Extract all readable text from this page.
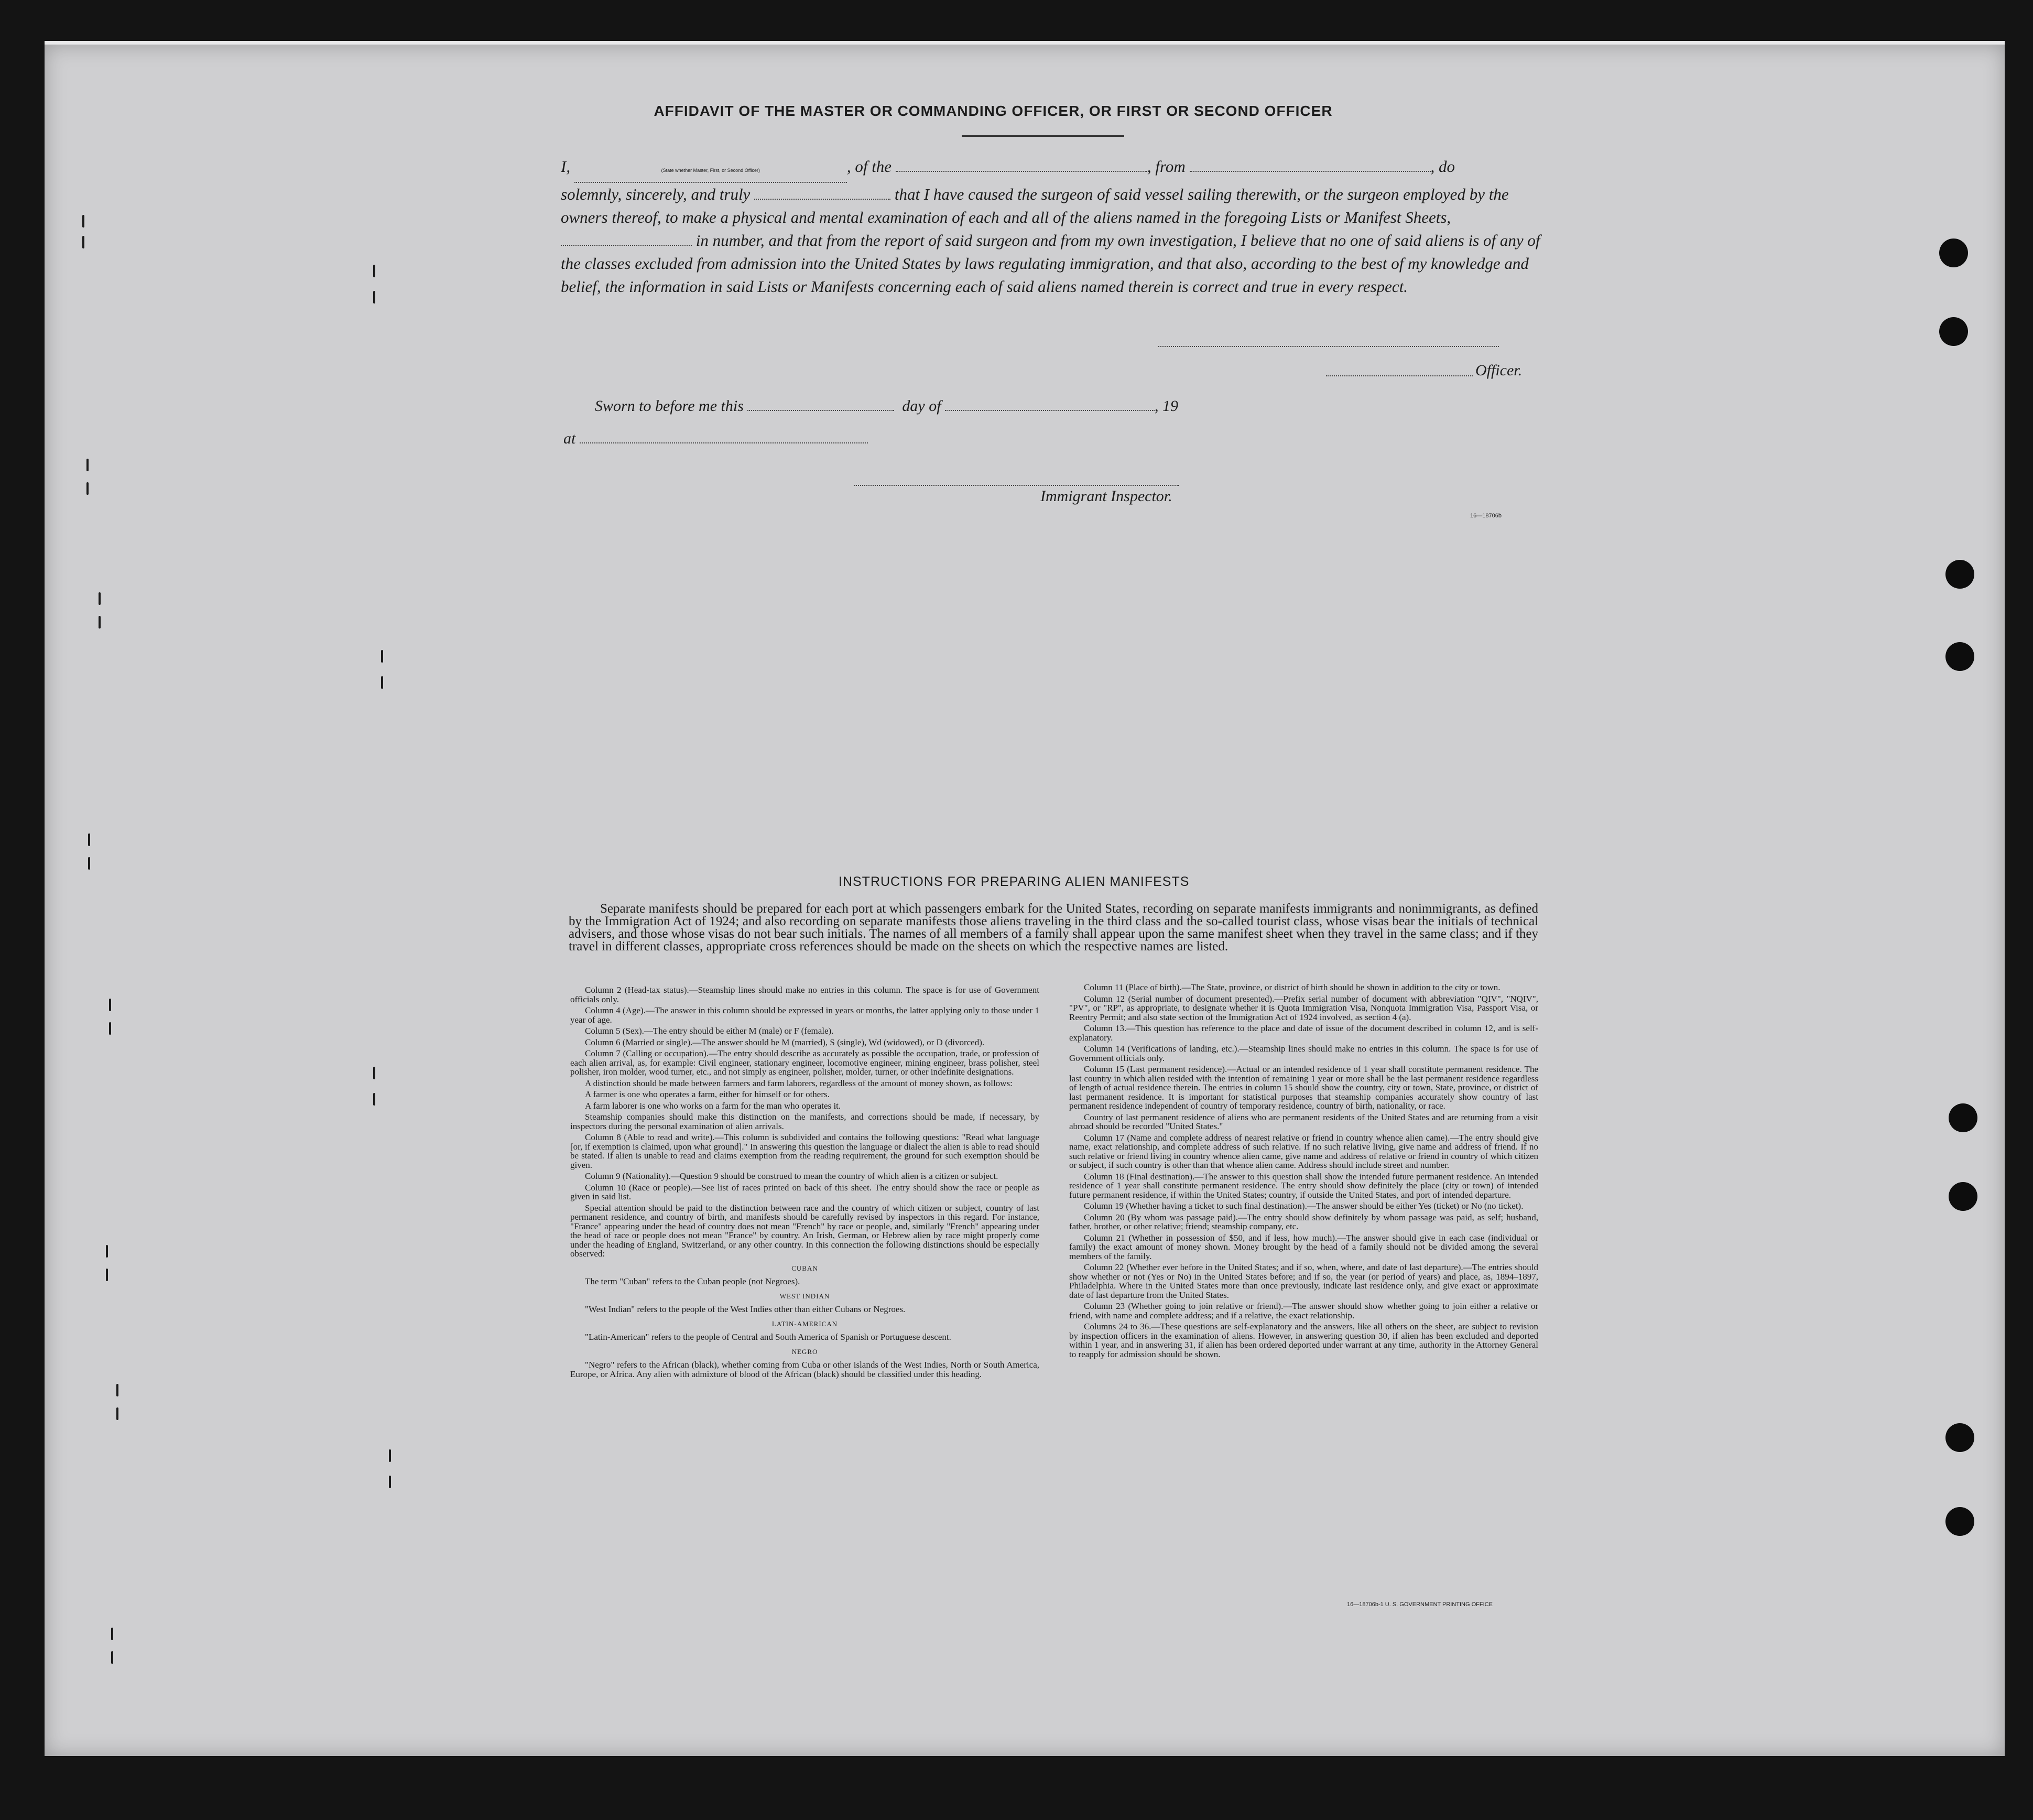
AFFIDAVIT OF THE MASTER OR COMMANDING OFFICER, OR FIRST OR SECOND OFFICER
I,	(State whether Master, First, or Second Officer)	, of the	, from	, do
solemnly, sincerely, and truly	that I have caused the surgeon of said vessel sailing therewith, or the surgeon employed by the owners thereof, to make a physical and mental examination of each and all of the aliens named in the foregoing Lists or Manifest Sheets,  in number, and that from the report of said surgeon and from my own investigation, I believe that no one of said aliens is of any of the classes excluded from admission into the United States by laws regulating immigration, and that also, according to the best of my knowledge and belief, the information in said Lists or Manifests concerning each of said aliens named therein is correct and true in every respect.
Officer.
Sworn to before me this	day of	, 19
at
Immigrant Inspector.
16—18706b
INSTRUCTIONS FOR PREPARING ALIEN MANIFESTS
Separate manifests should be prepared for each port at which passengers embark for the United States, recording on separate manifests immigrants and nonimmigrants, as defined by the Immigration Act of 1924; and also recording on separate manifests those aliens traveling in the third class and the so-called tourist class, whose visas bear the initials of technical advisers, and those whose visas do not bear such initials. The names of all members of a family shall appear upon the same manifest sheet when they travel in the same class; and if they travel in different classes, appropriate cross references should be made on the sheets on which the respective names are listed.

Column 2 (Head-tax status).—Steamship lines should make no entries in this column. The space is for use of Government officials only.

Column 4 (Age).—The answer in this column should be expressed in years or months, the latter applying only to those under 1 year of age.

Column 5 (Sex).—The entry should be either M (male) or F (female).

Column 6 (Married or single).—The answer should be M (married), S (single), Wd (widowed), or D (divorced).

Column 7 (Calling or occupation).—The entry should describe as accurately as possible the occupation, trade, or profession of each alien arrival, as, for example: Civil engineer, stationary engineer, locomotive engineer, mining engineer, brass polisher, steel polisher, iron molder, wood turner, etc., and not simply as engineer, polisher, molder, turner, or other indefinite designations.

A distinction should be made between farmers and farm laborers, regardless of the amount of money shown, as follows:

A farmer is one who operates a farm, either for himself or for others.

A farm laborer is one who works on a farm for the man who operates it.

Steamship companies should make this distinction on the manifests, and corrections should be made, if necessary, by inspectors during the personal examination of alien arrivals.

Column 8 (Able to read and write).—This column is subdivided and contains the following questions: "Read what language [or, if exemption is claimed, upon what ground]." In answering this question the language or dialect the alien is able to read should be stated. If alien is unable to read and claims exemption from the reading requirement, the ground for such exemption should be given.

Column 9 (Nationality).—Question 9 should be construed to mean the country of which alien is a citizen or subject.

Column 10 (Race or people).—See list of races printed on back of this sheet. The entry should show the race or people as given in said list.

Special attention should be paid to the distinction between race and the country of which citizen or subject, country of last permanent residence, and country of birth, and manifests should be carefully revised by inspectors in this regard. For instance, "France" appearing under the head of country does not mean "French" by race or people, and, similarly "French" appearing under the head of race or people does not mean "France" by country. An Irish, German, or Hebrew alien by race might properly come under the heading of England, Switzerland, or any other country. In this connection the following distinctions should be especially observed:

CUBAN

The term "Cuban" refers to the Cuban people (not Negroes).

WEST INDIAN

"West Indian" refers to the people of the West Indies other than either Cubans or Negroes.

LATIN-AMERICAN

"Latin-American" refers to the people of Central and South America of Spanish or Portuguese descent.

NEGRO

"Negro" refers to the African (black), whether coming from Cuba or other islands of the West Indies, North or South America, Europe, or Africa. Any alien with admixture of blood of the African (black) should be classified under this heading.

Column 11 (Place of birth).—The State, province, or district of birth should be shown in addition to the city or town.

Column 12 (Serial number of document presented).—Prefix serial number of document with abbreviation "QIV", "NQIV", "PV", or "RP", as appropriate, to designate whether it is Quota Immigration Visa, Nonquota Immigration Visa, Passport Visa, or Reentry Permit; and also state section of the Immigration Act of 1924 involved, as section 4 (a).

Column 13.—This question has reference to the place and date of issue of the document described in column 12, and is self-explanatory.

Column 14 (Verifications of landing, etc.).—Steamship lines should make no entries in this column. The space is for use of Government officials only.

Column 15 (Last permanent residence).—Actual or an intended residence of 1 year shall constitute permanent residence. The last country in which alien resided with the intention of remaining 1 year or more shall be the last permanent residence regardless of length of actual residence therein. The entries in column 15 should show the country, city or town, State, province, or district of last permanent residence. It is important for statistical purposes that steamship companies accurately show country of last permanent residence independent of country of temporary residence, country of birth, nationality, or race.

Country of last permanent residence of aliens who are permanent residents of the United States and are returning from a visit abroad should be recorded "United States."

Column 17 (Name and complete address of nearest relative or friend in country whence alien came).—The entry should give name, exact relationship, and complete address of such relative. If no such relative living, give name and address of friend. If no such relative or friend living in country whence alien came, give name and address of relative or friend in country of which citizen or subject, if such country is other than that whence alien came. Address should include street and number.

Column 18 (Final destination).—The answer to this question shall show the intended future permanent residence. An intended residence of 1 year shall constitute permanent residence. The entry should show definitely the place (city or town) of intended future permanent residence, if within the United States; country, if outside the United States, and port of intended departure.

Column 19 (Whether having a ticket to such final destination).—The answer should be either Yes (ticket) or No (no ticket).

Column 20 (By whom was passage paid).—The entry should show definitely by whom passage was paid, as self; husband, father, brother, or other relative; friend; steamship company, etc.

Column 21 (Whether in possession of $50, and if less, how much).—The answer should give in each case (individual or family) the exact amount of money shown. Money brought by the head of a family should not be divided among the several members of the family.

Column 22 (Whether ever before in the United States; and if so, when, where, and date of last departure).—The entries should show whether or not (Yes or No) in the United States before; and if so, the year (or period of years) and place, as, 1894–1897, Philadelphia. Where in the United States more than once previously, indicate last residence only, and give exact or approximate date of last departure from the United States.

Column 23 (Whether going to join relative or friend).—The answer should show whether going to join either a relative or friend, with name and complete address; and if a relative, the exact relationship.

Columns 24 to 36.—These questions are self-explanatory and the answers, like all others on the sheet, are subject to revision by inspection officers in the examination of aliens. However, in answering question 30, if alien has been excluded and deported within 1 year, and in answering 31, if alien has been ordered deported under warrant at any time, authority in the Attorney General to reapply for admission should be shown.

16—18706b-1 U. S. GOVERNMENT PRINTING OFFICE
